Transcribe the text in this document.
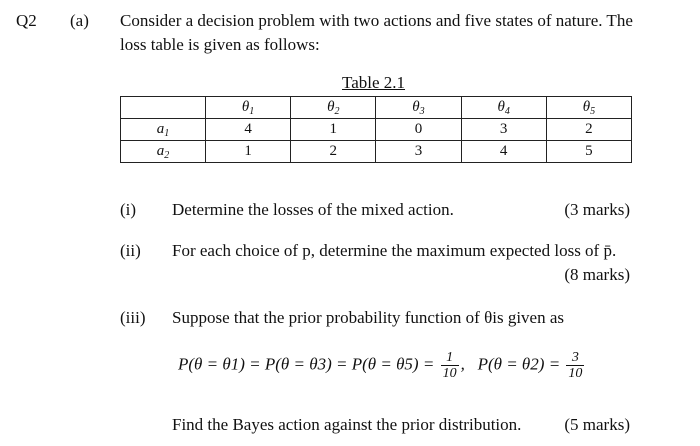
Q2 (a) Consider a decision problem with two actions and five states of nature. The
loss table is given as follows:
Table 2.1
	$\theta_1$	$\theta_2$	$\theta_3$	$\theta_4$	$\theta_5$
$a_1$	4	1	0	3	2
$a_2$	1	2	3	4	5
(i) Determine the losses of the mixed action.	(3 marks)
(ii) For each choice of p, determine the maximum expected loss of p̄.
(8 marks)
(iii) Suppose that the prior probability function of θis given as
$P(\theta = \theta 1) = P(\theta = \theta 3) = P(\theta = \theta 5) = \frac{1}{10}$ ,   $P(\theta = \theta 2) = \frac{3}{10}$
Find the Bayes action against the prior distribution.	(5 marks)
